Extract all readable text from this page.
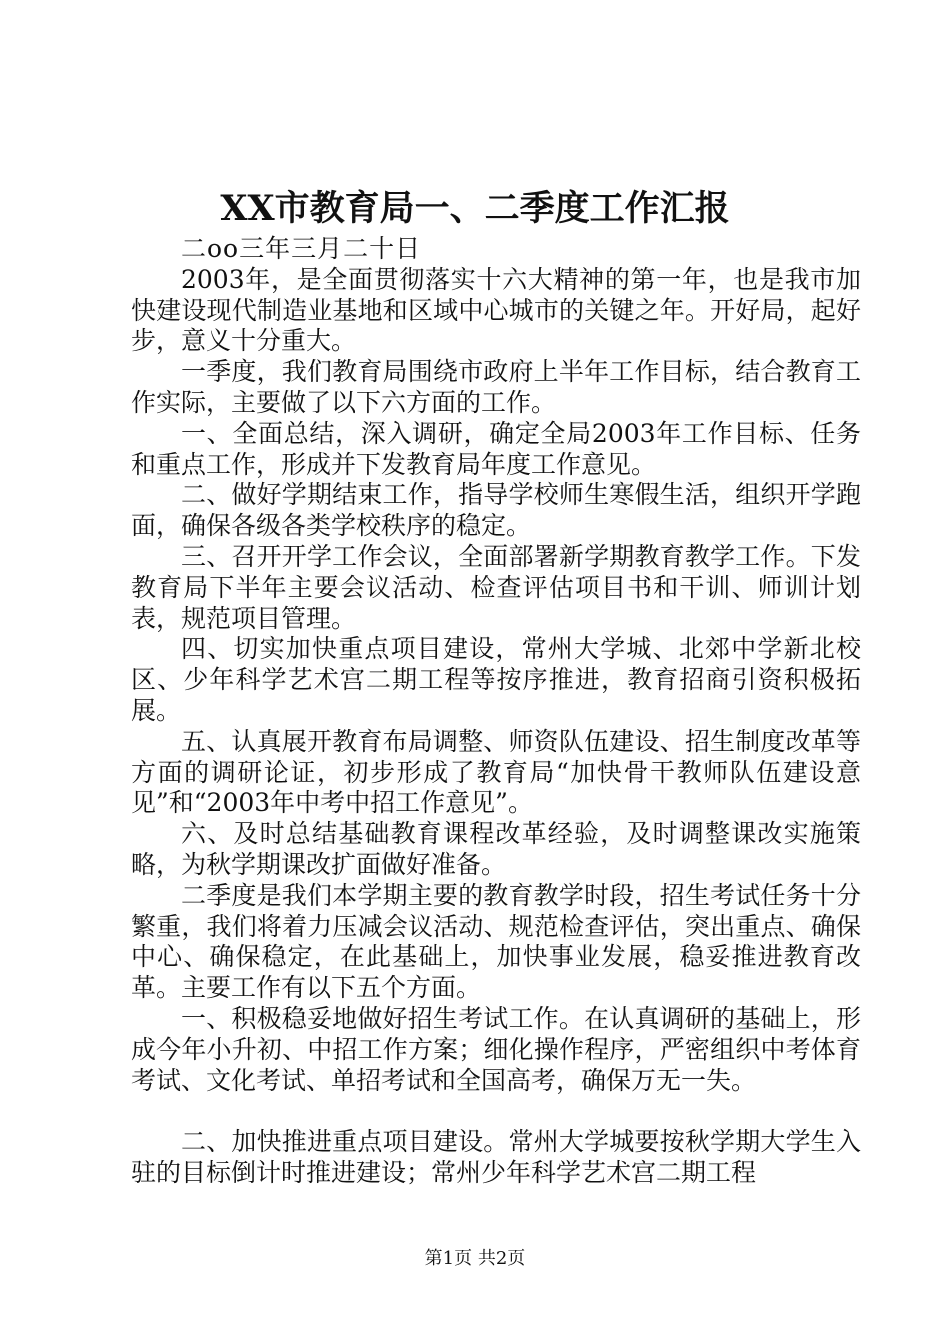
XX市教育局一、二季度工作汇报

二oo三年三月二十日

2003年，是全面贯彻落实十六大精神的第一年，也是我市加快建设现代制造业基地和区域中心城市的关键之年。开好局，起好步，意义十分重大。

一季度，我们教育局围绕市政府上半年工作目标，结合教育工作实际，主要做了以下六方面的工作。

一、全面总结，深入调研，确定全局2003年工作目标、任务和重点工作，形成并下发教育局年度工作意见。

二、做好学期结束工作，指导学校师生寒假生活，组织开学跑面，确保各级各类学校秩序的稳定。

三、召开开学工作会议，全面部署新学期教育教学工作。下发教育局下半年主要会议活动、检查评估项目书和干训、师训计划表，规范项目管理。

四、切实加快重点项目建设，常州大学城、北郊中学新北校区、少年科学艺术宫二期工程等按序推进，教育招商引资积极拓展。

五、认真展开教育布局调整、师资队伍建设、招生制度改革等方面的调研论证，初步形成了教育局“加快骨干教师队伍建设意见”和“2003年中考中招工作意见”。

六、及时总结基础教育课程改革经验，及时调整课改实施策略，为秋学期课改扩面做好准备。

二季度是我们本学期主要的教育教学时段，招生考试任务十分繁重，我们将着力压减会议活动、规范检查评估，突出重点、确保中心、确保稳定，在此基础上，加快事业发展，稳妥推进教育改革。主要工作有以下五个方面。

一、积极稳妥地做好招生考试工作。在认真调研的基础上，形成今年小升初、中招工作方案；细化操作程序，严密组织中考体育考试、文化考试、单招考试和全国高考，确保万无一失。

二、加快推进重点项目建设。常州大学城要按秋学期大学生入驻的目标倒计时推进建设；常州少年科学艺术宫二期工程

第1页 共2页
